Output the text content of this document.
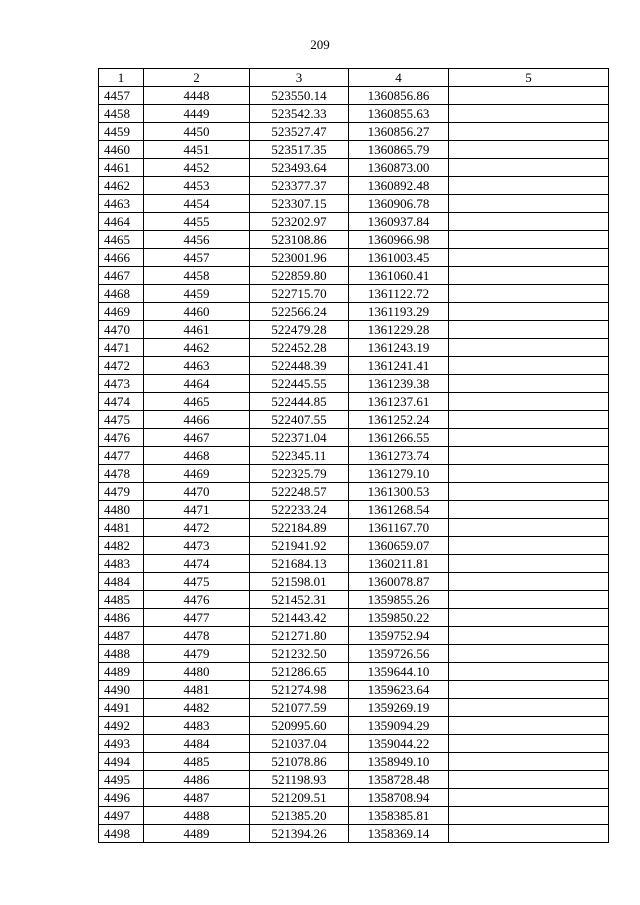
209
1	2	3	4	5
4457	4448	523550.14	1360856.86	
4458	4449	523542.33	1360855.63	
4459	4450	523527.47	1360856.27	
4460	4451	523517.35	1360865.79	
4461	4452	523493.64	1360873.00	
4462	4453	523377.37	1360892.48	
4463	4454	523307.15	1360906.78	
4464	4455	523202.97	1360937.84	
4465	4456	523108.86	1360966.98	
4466	4457	523001.96	1361003.45	
4467	4458	522859.80	1361060.41	
4468	4459	522715.70	1361122.72	
4469	4460	522566.24	1361193.29	
4470	4461	522479.28	1361229.28	
4471	4462	522452.28	1361243.19	
4472	4463	522448.39	1361241.41	
4473	4464	522445.55	1361239.38	
4474	4465	522444.85	1361237.61	
4475	4466	522407.55	1361252.24	
4476	4467	522371.04	1361266.55	
4477	4468	522345.11	1361273.74	
4478	4469	522325.79	1361279.10	
4479	4470	522248.57	1361300.53	
4480	4471	522233.24	1361268.54	
4481	4472	522184.89	1361167.70	
4482	4473	521941.92	1360659.07	
4483	4474	521684.13	1360211.81	
4484	4475	521598.01	1360078.87	
4485	4476	521452.31	1359855.26	
4486	4477	521443.42	1359850.22	
4487	4478	521271.80	1359752.94	
4488	4479	521232.50	1359726.56	
4489	4480	521286.65	1359644.10	
4490	4481	521274.98	1359623.64	
4491	4482	521077.59	1359269.19	
4492	4483	520995.60	1359094.29	
4493	4484	521037.04	1359044.22	
4494	4485	521078.86	1358949.10	
4495	4486	521198.93	1358728.48	
4496	4487	521209.51	1358708.94	
4497	4488	521385.20	1358385.81	
4498	4489	521394.26	1358369.14	
